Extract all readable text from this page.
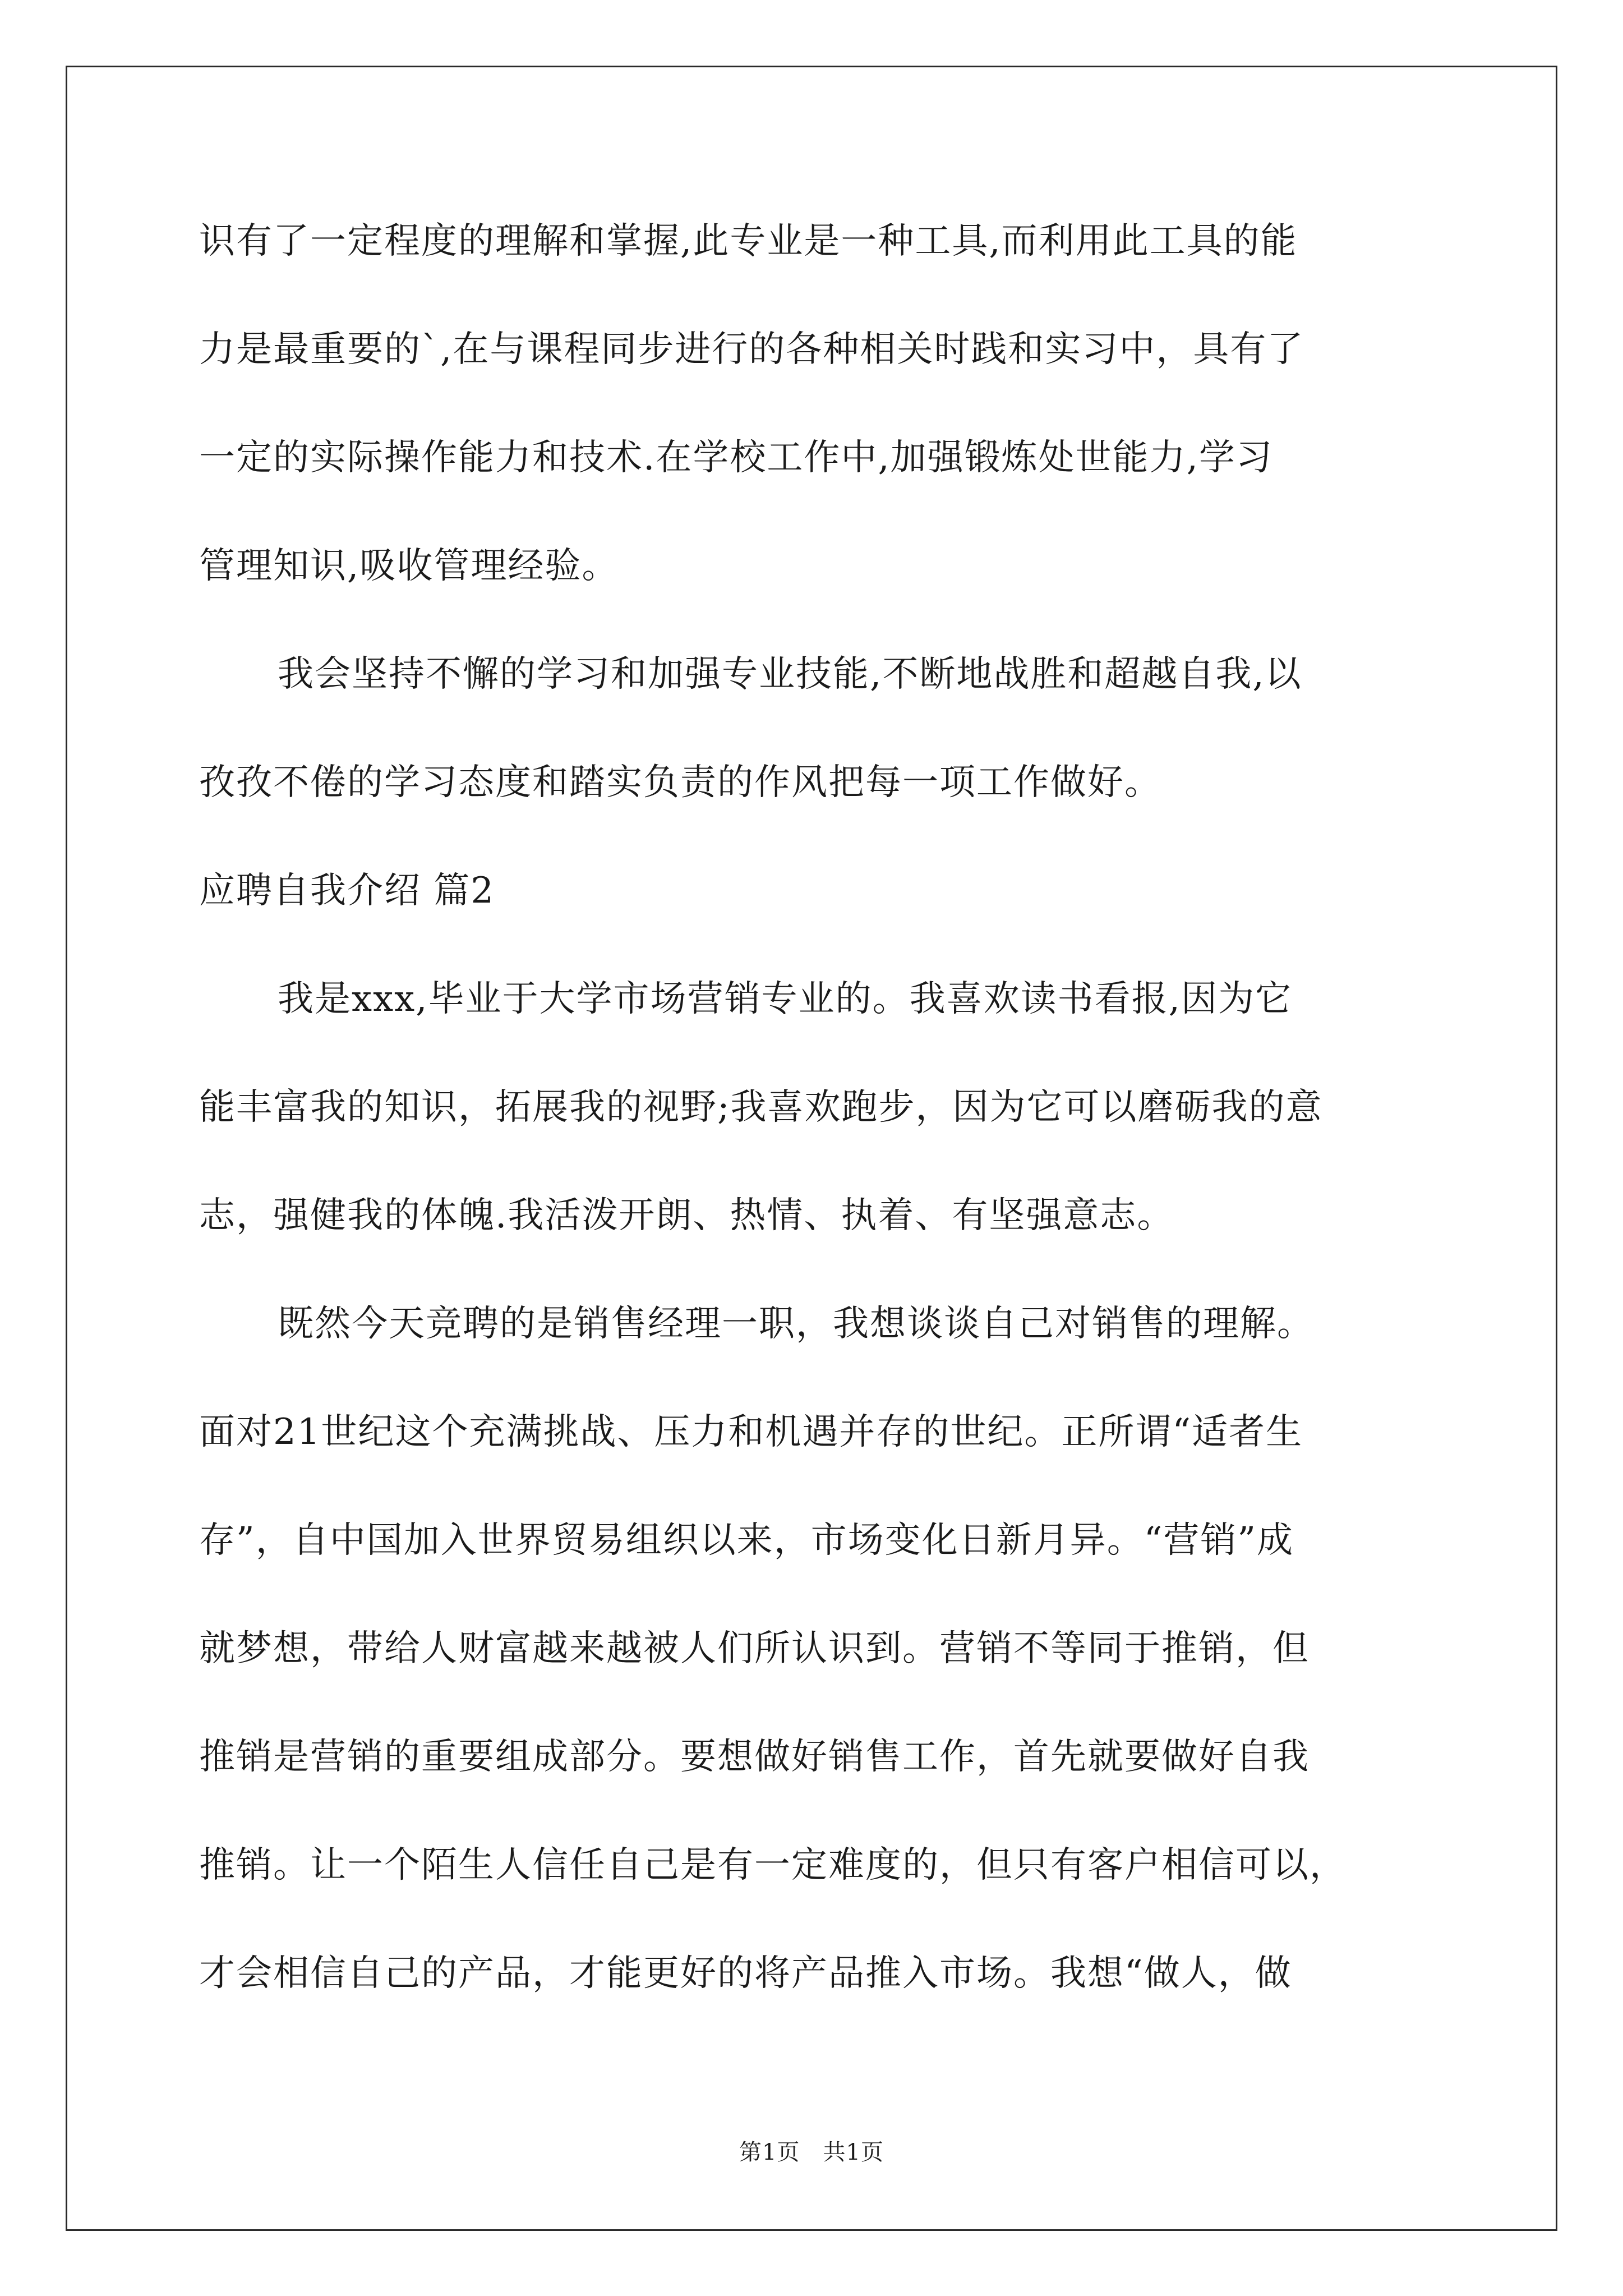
识有了一定程度的理解和掌握,此专业是一种工具,而利用此工具的能
力是最重要的`,在与课程同步进行的各种相关时践和实习中，具有了
一定的实际操作能力和技术.在学校工作中,加强锻炼处世能力,学习
管理知识,吸收管理经验。
我会坚持不懈的学习和加强专业技能,不断地战胜和超越自我,以
孜孜不倦的学习态度和踏实负责的作风把每一项工作做好。
应聘自我介绍 篇2
我是xxx,毕业于大学市场营销专业的。我喜欢读书看报,因为它
能丰富我的知识，拓展我的视野;我喜欢跑步，因为它可以磨砺我的意
志，强健我的体魄.我活泼开朗、热情、执着、有坚强意志。
既然今天竞聘的是销售经理一职，我想谈谈自己对销售的理解。
面对21世纪这个充满挑战、压力和机遇并存的世纪。正所谓“适者生
存”，自中国加入世界贸易组织以来，市场变化日新月异。“营销”成
就梦想，带给人财富越来越被人们所认识到。营销不等同于推销，但
推销是营销的重要组成部分。要想做好销售工作，首先就要做好自我
推销。让一个陌生人信任自己是有一定难度的，但只有客户相信可以，
才会相信自己的产品，才能更好的将产品推入市场。我想“做人，做
第1页　共1页
